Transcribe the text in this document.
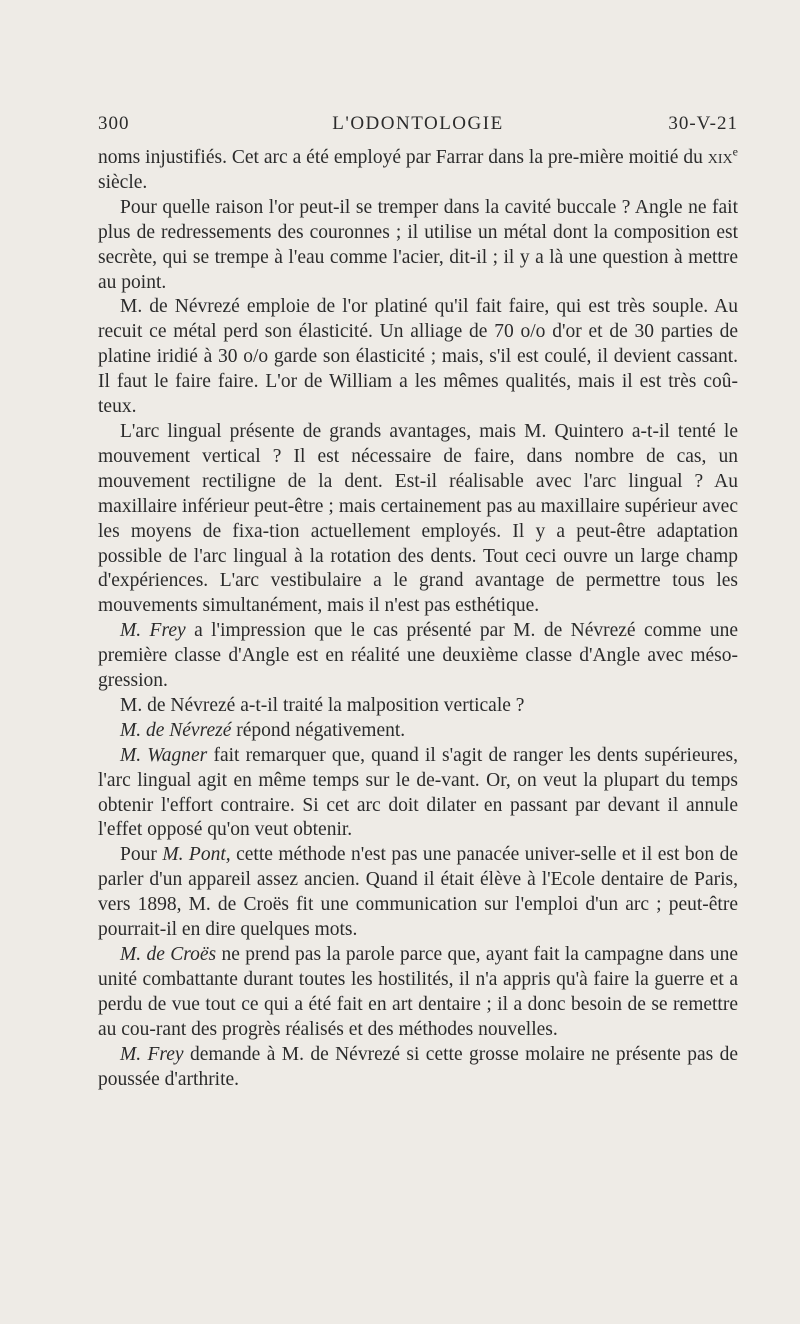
300	L'ODONTOLOGIE	30-V-21

noms injustifiés. Cet arc a été employé par Farrar dans la pre-mière moitié du xix$^e$ siècle.

Pour quelle raison l'or peut-il se tremper dans la cavité buccale ? Angle ne fait plus de redressements des couronnes ; il utilise un métal dont la composition est secrète, qui se trempe à l'eau comme l'acier, dit-il ; il y a là une question à mettre au point.

M. de Névrezé emploie de l'or platiné qu'il fait faire, qui est très souple. Au recuit ce métal perd son élasticité. Un alliage de 70 o/o d'or et de 30 parties de platine iridié à 30 o/o garde son élasticité ; mais, s'il est coulé, il devient cassant. Il faut le faire faire. L'or de William a les mêmes qualités, mais il est très coû-teux.

L'arc lingual présente de grands avantages, mais M. Quintero a-t-il tenté le mouvement vertical ? Il est nécessaire de faire, dans nombre de cas, un mouvement rectiligne de la dent. Est-il réalisable avec l'arc lingual ? Au maxillaire inférieur peut-être ; mais certainement pas au maxillaire supérieur avec les moyens de fixa-tion actuellement employés. Il y a peut-être adaptation possible de l'arc lingual à la rotation des dents. Tout ceci ouvre un large champ d'expériences. L'arc vestibulaire a le grand avantage de permettre tous les mouvements simultanément, mais il n'est pas esthétique.

M. Frey a l'impression que le cas présenté par M. de Névrezé comme une première classe d'Angle est en réalité une deuxième classe d'Angle avec méso-gression.

M. de Névrezé a-t-il traité la malposition verticale ?

M. de Névrezé répond négativement.

M. Wagner fait remarquer que, quand il s'agit de ranger les dents supérieures, l'arc lingual agit en même temps sur le de-vant. Or, on veut la plupart du temps obtenir l'effort contraire. Si cet arc doit dilater en passant par devant il annule l'effet opposé qu'on veut obtenir.

Pour M. Pont, cette méthode n'est pas une panacée univer-selle et il est bon de parler d'un appareil assez ancien. Quand il était élève à l'Ecole dentaire de Paris, vers 1898, M. de Croës fit une communication sur l'emploi d'un arc ; peut-être pourrait-il en dire quelques mots.

M. de Croës ne prend pas la parole parce que, ayant fait la campagne dans une unité combattante durant toutes les hostilités, il n'a appris qu'à faire la guerre et a perdu de vue tout ce qui a été fait en art dentaire ; il a donc besoin de se remettre au cou-rant des progrès réalisés et des méthodes nouvelles.

M. Frey demande à M. de Névrezé si cette grosse molaire ne présente pas de poussée d'arthrite.
